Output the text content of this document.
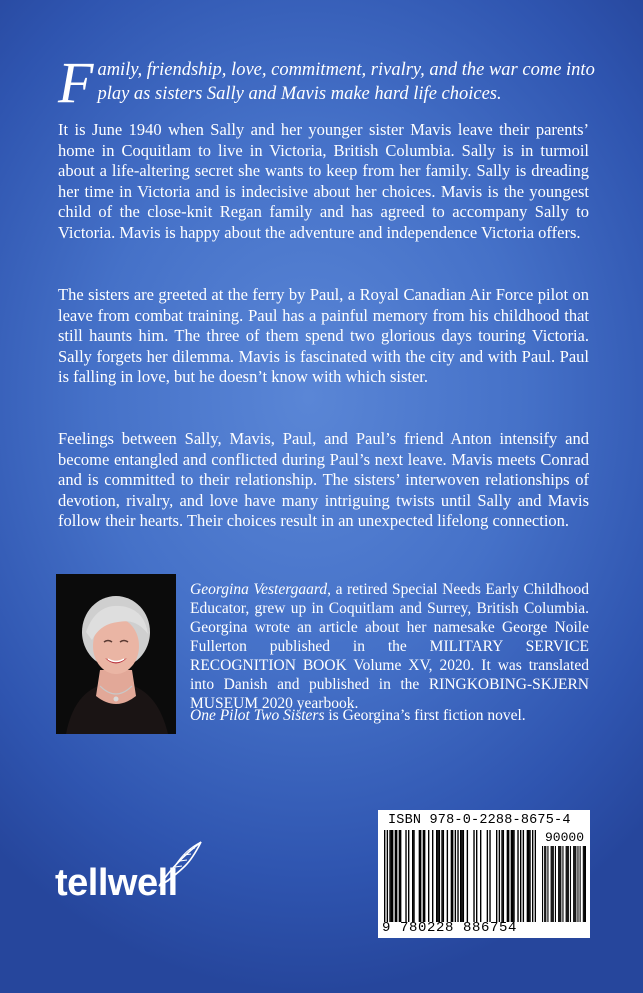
Family, friendship, love, commitment, rivalry, and the war come into play as sisters Sally and Mavis make hard life choices.
It is June 1940 when Sally and her younger sister Mavis leave their parents’ home in Coquitlam to live in Victoria, British Columbia. Sally is in turmoil about a life-altering secret she wants to keep from her family. Sally is dreading her time in Victoria and is indecisive about her choices. Mavis is the youngest child of the close-knit Regan family and has agreed to accompany Sally to Victoria. Mavis is happy about the adventure and independence Victoria offers.
The sisters are greeted at the ferry by Paul, a Royal Canadian Air Force pilot on leave from combat training. Paul has a painful memory from his childhood that still haunts him. The three of them spend two glorious days touring Victoria. Sally forgets her dilemma. Mavis is fascinated with the city and with Paul. Paul is falling in love, but he doesn’t know with which sister.
Feelings between Sally, Mavis, Paul, and Paul’s friend Anton intensify and become entangled and conflicted during Paul’s next leave. Mavis meets Conrad and is committed to their relationship. The sisters’ interwoven relationships of devotion, rivalry, and love have many intriguing twists until Sally and Mavis follow their hearts. Their choices result in an unexpected lifelong connection.
Georgina Vestergaard, a retired Special Needs Early Childhood Educator, grew up in Coquitlam and Surrey, British Columbia. Georgina wrote an article about her namesake George Noile Fullerton published in the MILITARY SERVICE RECOGNITION BOOK Volume XV, 2020. It was translated into Danish and published in the RINGKOBING-SKJERN MUSEUM 2020 yearbook.
One Pilot Two Sisters is Georgina’s first fiction novel.
tellwell
ISBN 978-0-2288-8675-4
90000
9 780228 886754
